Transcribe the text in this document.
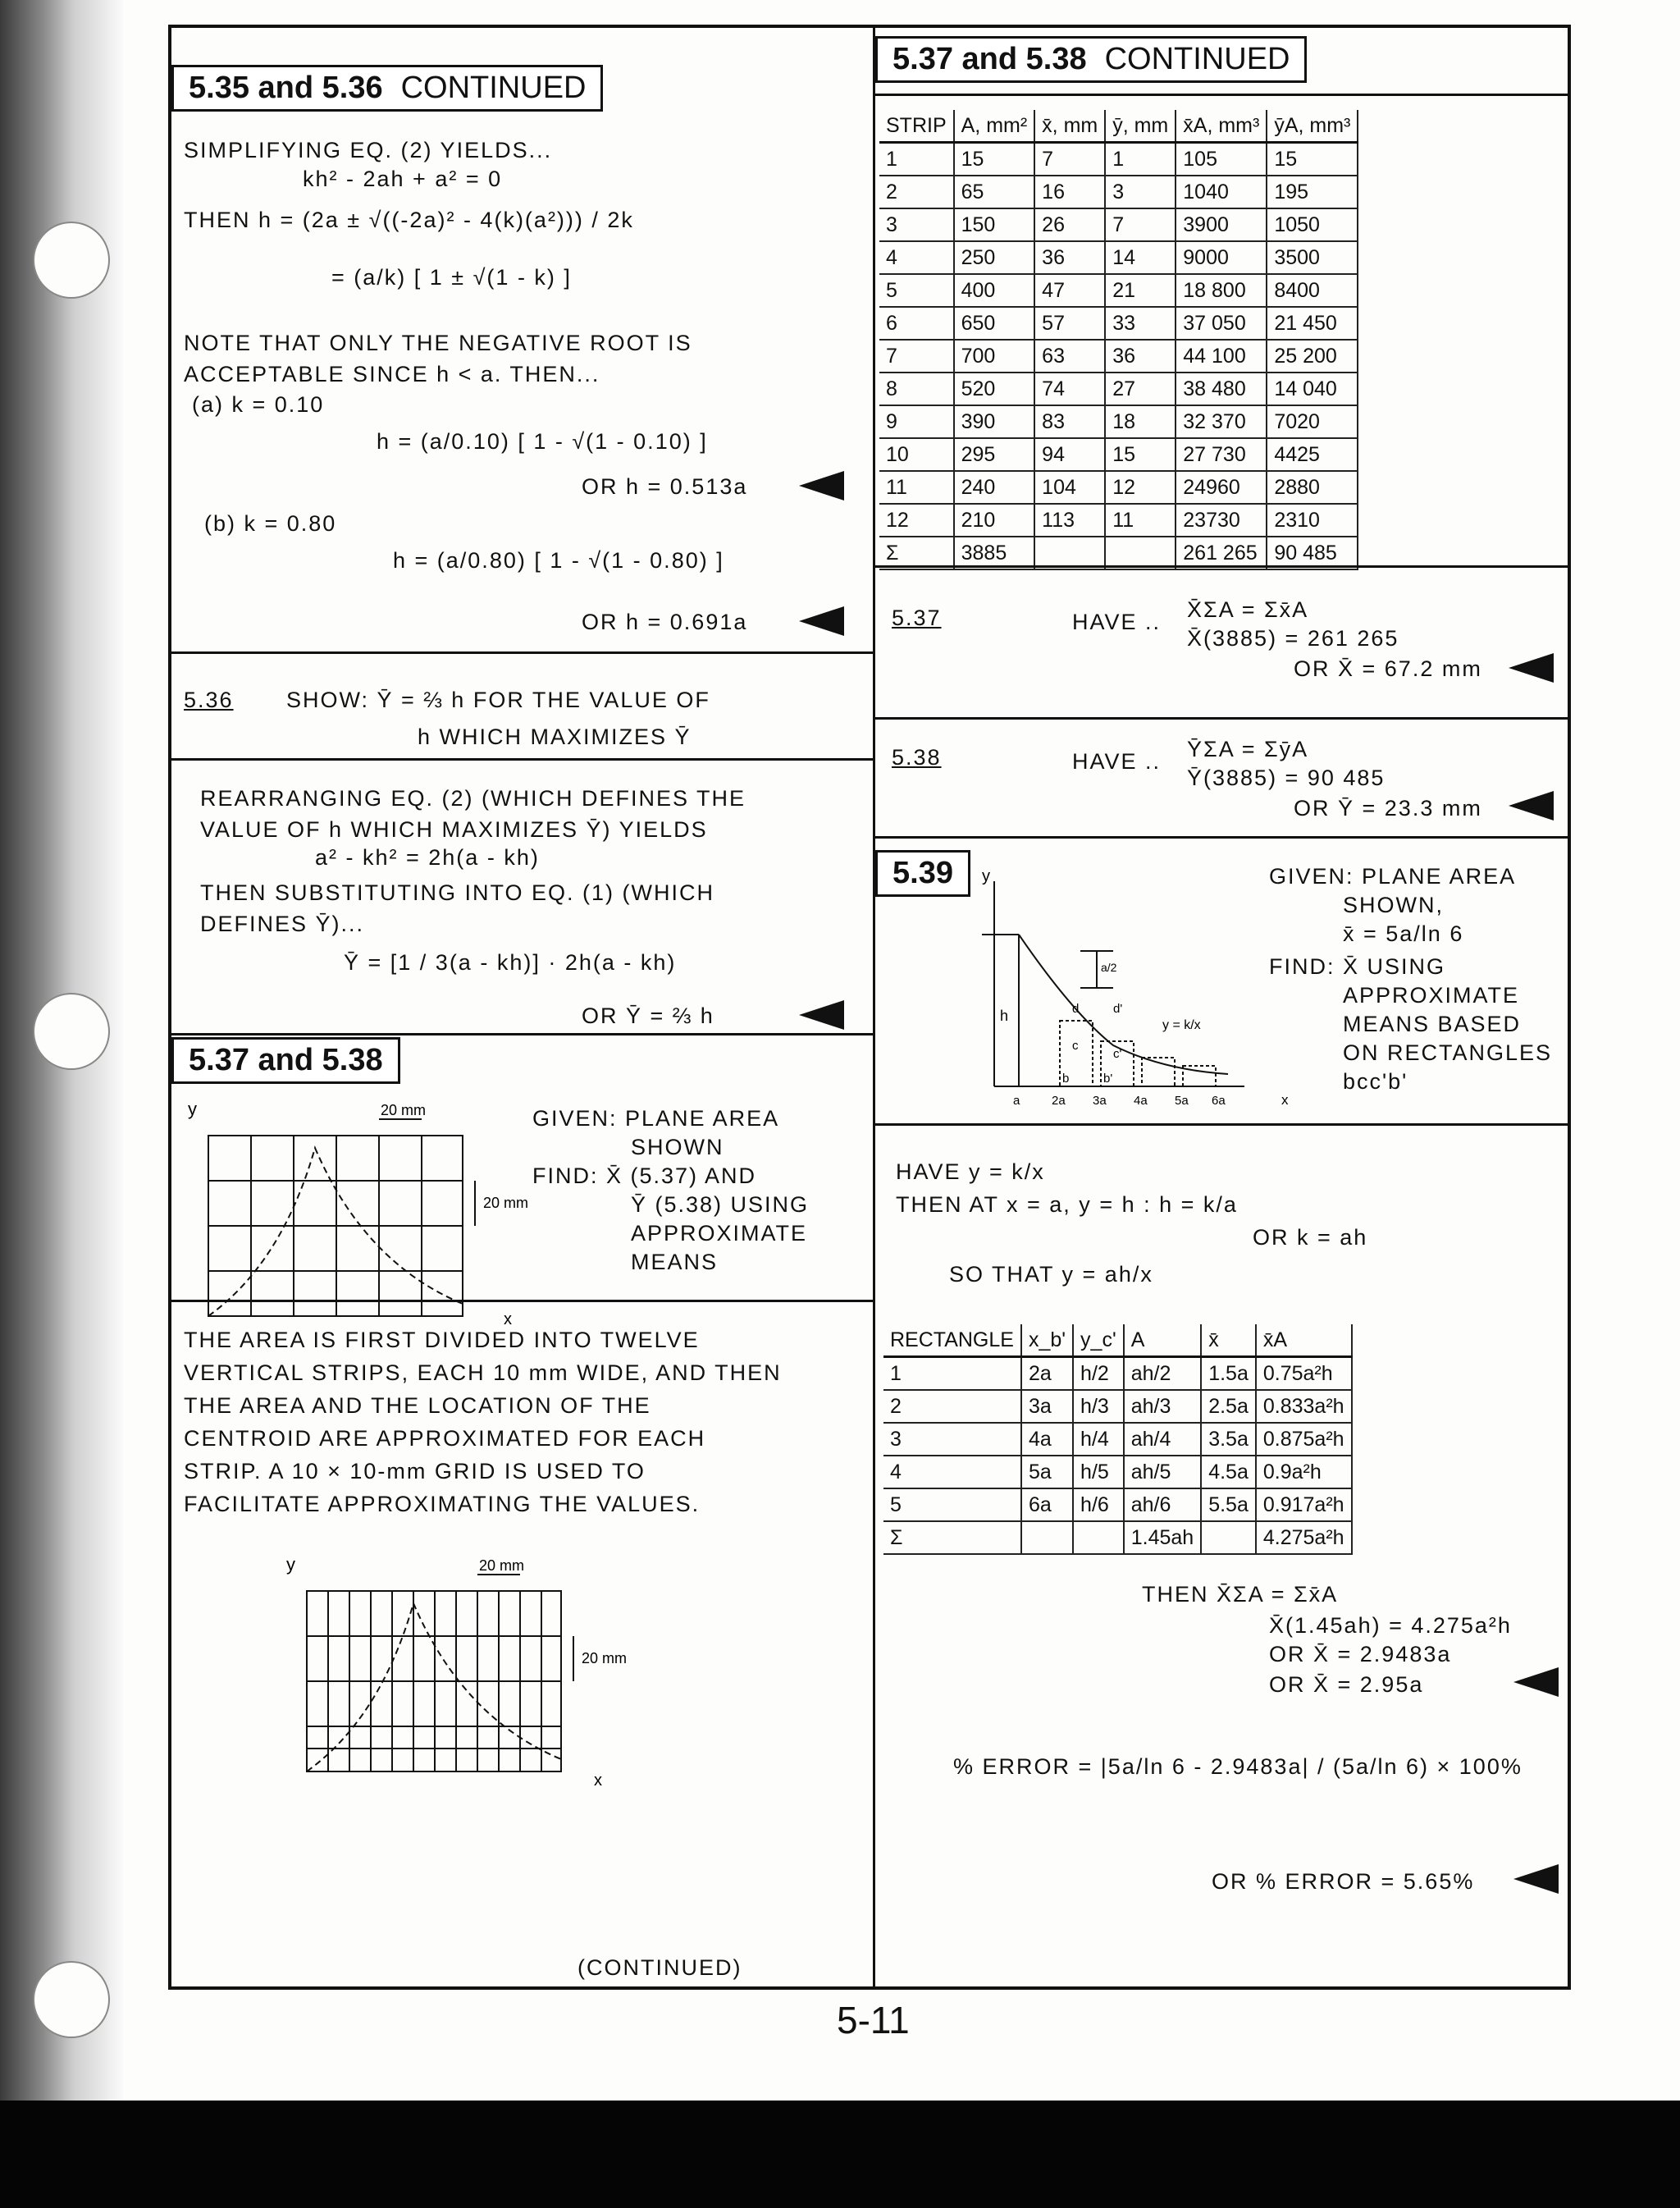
5.35 and 5.36 CONTINUED
SIMPLIFYING EQ. (2) YIELDS...
kh² - 2ah + a² = 0
THEN h = (2a ± √((-2a)² - 4(k)(a²))) / 2k
= (a/k) [ 1 ± √(1 - k) ]
NOTE THAT ONLY THE NEGATIVE ROOT IS
ACCEPTABLE SINCE h < a. THEN...
(a) k = 0.10
h = (a/0.10) [ 1 - √(1 - 0.10) ]
OR h = 0.513a
(b) k = 0.80
h = (a/0.80) [ 1 - √(1 - 0.80) ]
OR h = 0.691a
5.36 SHOW: Ȳ = ⅔ h FOR THE VALUE OF
h WHICH MAXIMIZES Ȳ
REARRANGING EQ. (2) (WHICH DEFINES THE
VALUE OF h WHICH MAXIMIZES Ȳ) YIELDS
a² - kh² = 2h(a - kh)
THEN SUBSTITUTING INTO EQ. (1) (WHICH
DEFINES Ȳ)...
Ȳ = [1 / 3(a - kh)] · 2h(a - kh)
OR Ȳ = ⅔ h
5.37 and 5.38
y	20 mm
20 mm
x
GIVEN: PLANE AREA
SHOWN
FIND: X̄ (5.37) AND
Ȳ (5.38) USING
APPROXIMATE
MEANS
THE AREA IS FIRST DIVIDED INTO TWELVE
VERTICAL STRIPS, EACH 10 mm WIDE, AND THEN
THE AREA AND THE LOCATION OF THE
CENTROID ARE APPROXIMATED FOR EACH
STRIP. A 10 × 10-mm GRID IS USED TO
FACILITATE APPROXIMATING THE VALUES.
y	20 mm
20 mm
x
(CONTINUED)
5.37 and 5.38 CONTINUED
STRIP	A, mm²	x̄, mm	ȳ, mm	x̄A, mm³	ȳA, mm³
1	15	7	1	105	15
2	65	16	3	1040	195
3	150	26	7	3900	1050
4	250	36	14	9000	3500
5	400	47	21	18 800	8400
6	650	57	33	37 050	21 450
7	700	63	36	44 100	25 200
8	520	74	27	38 480	14 040
9	390	83	18	32 370	7020
10	295	94	15	27 730	4425
11	240	104	12	24960	2880
12	210	113	11	23730	2310
Σ	3885			261 265	90 485
5.37	HAVE .. X̄ΣA = Σx̄A
X̄(3885) = 261 265
OR X̄ = 67.2 mm
5.38	HAVE .. ȲΣA = ΣȳA
Ȳ(3885) = 90 485
OR Ȳ = 23.3 mm
5.39	y
h
y = k/x
a/2
d	d'
b	b'
c
c'
a	2a 3a 4a 5a 6a	x
GIVEN: PLANE AREA
SHOWN,
x̄ = 5a/ln 6
FIND: X̄ USING
APPROXIMATE
MEANS BASED
ON RECTANGLES
bcc'b'
HAVE y = k/x
THEN AT x = a, y = h : h = k/a
OR k = ah
SO THAT y = ah/x
RECTANGLE	x_b'	y_c'	A	x̄	x̄A
1	2a	h/2	ah/2	1.5a	0.75a²h
2	3a	h/3	ah/3	2.5a	0.833a²h
3	4a	h/4	ah/4	3.5a	0.875a²h
4	5a	h/5	ah/5	4.5a	0.9a²h
5	6a	h/6	ah/6	5.5a	0.917a²h
Σ			1.45ah		4.275a²h
THEN X̄ΣA = Σx̄A
X̄(1.45ah) = 4.275a²h
OR X̄ = 2.9483a
OR X̄ = 2.95a
% ERROR = |5a/ln 6 - 2.9483a| / (5a/ln 6) × 100%
OR % ERROR = 5.65%
5-11
